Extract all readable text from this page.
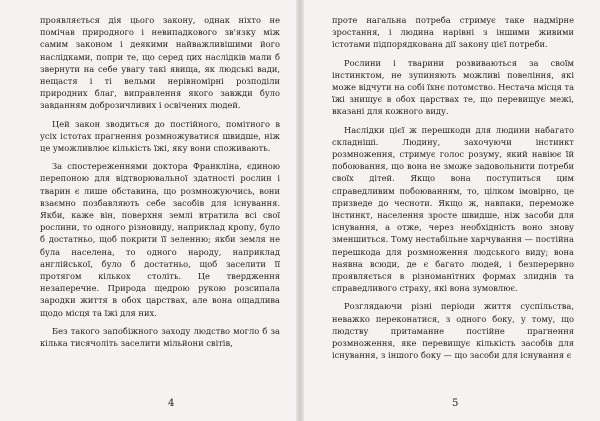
проявляється дія цього закону, однак ніхто не помічав природного і невипадкового зв'язку між самим законом і деякими найважливішими його наслідками, попри те, що серед цих наслідків мали б звернути на себе увагу такі явища, як людські вади, нещастя і ті вельми нерівномірні розподіли природних благ, виправлення якого завжди було завданням доброзичливих і освічених людей.

Цей закон зводиться до постійного, помітного в усіх істотах прагнення розмножуватися швидше, ніж це уможливлює кількість їжі, яку вони споживають.

За спостереженнями доктора Франкліна, єдиною перепоною для відтворювальної здатності рослин і тварин є лише обставина, що розмножуючись, вони взаємно позбавляють себе засобів для існування. Якби, каже він, поверхня землі втратила всі свої рослини, то одного різновиду, наприклад кропу, було б достатньо, щоб покрити її зеленню; якби земля не була населена, то одного народу, наприклад англійської, було б достатньо, щоб заселити її протягом кількох століть. Це твердження незаперечне. Природа щедрою рукою розсипала зародки життя в обох царствах, але вона ощадлива щодо місця та їжі для них.

Без такого запобіжного заходу людство могло б за кілька тисячоліть заселити мільйони світів,

4

проте нагальна потреба стримує таке надмірне зростання, і людина нарівні з іншими живими істотами підпорядкована дії закону цієї потреби.

Рослини і тварини розвиваються за своїм інстинктом, не зупиняють можливі повеління, які може відчути на собі їхнє потомство. Нестача місця та їжі знищує в обох царствах те, що перевищує межі, вказані для кожного виду.

Наслідки цієї ж перешкоди для людини набагато складніші. Людину, захочуючи інстинкт розмноження, стримує голос розуму, який навіює їй побоювання, що вона не зможе задовольнити потреби своїх дітей. Якщо вона поступиться цим справедливим побоюванням, то, цілком імовірно, це призведе до чесноти. Якщо ж, навпаки, переможе інстинкт, населення зросте швидше, ніж засоби для існування, а отже, через необхідність воно знову зменшиться. Тому нестабільне харчування — постійна перешкода для розмноження людського виду; вона наявна всюди, де є багато людей, і безперервно проявляється в різноманітних формах злиднів та справедливого страху, які вона зумовлює.

Розглядаючи різні періоди життя суспільства, неважко переконатися, з одного боку, у тому, що людству притаманне постійне прагнення розмноження, яке перевищує кількість засобів для існування, з іншого боку — що засоби для існування є

5
